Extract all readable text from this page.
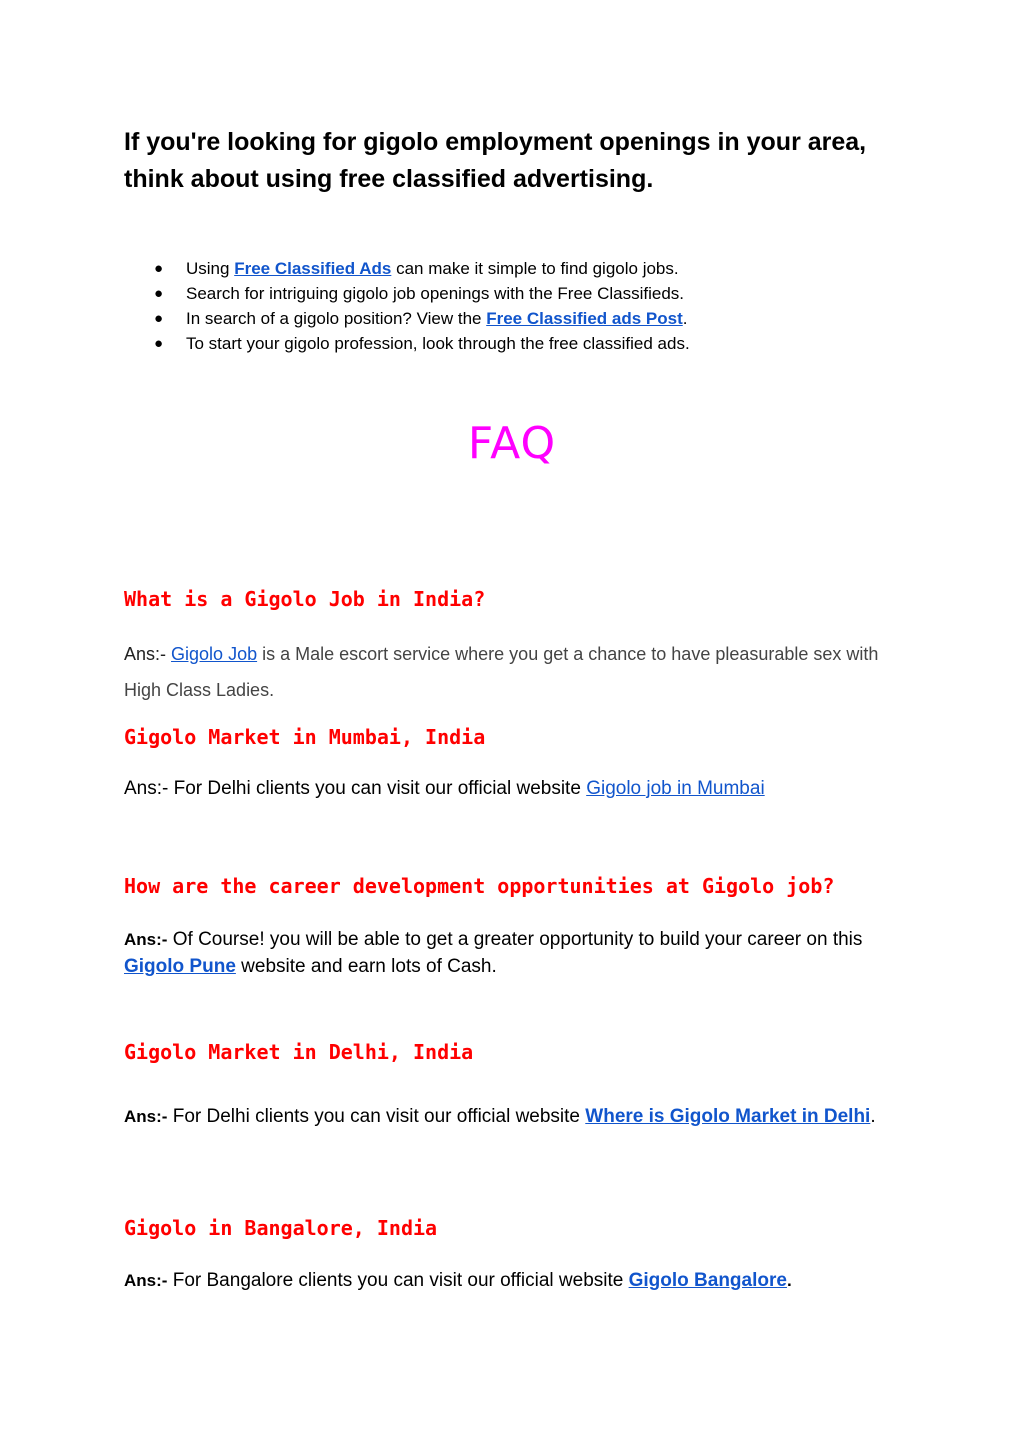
If you're looking for gigolo employment openings in your area, think about using free classified advertising.
● Using Free Classified Ads can make it simple to find gigolo jobs.
● Search for intriguing gigolo job openings with the Free Classifieds.
● In search of a gigolo position? View the Free Classified ads Post.
● To start your gigolo profession, look through the free classified ads.
FAQ
What is a Gigolo Job in India?

Ans:- Gigolo Job is a Male escort service where you get a chance to have pleasurable sex with High Class Ladies.

Gigolo Market in Mumbai, India

Ans:- For Delhi clients you can visit our official website Gigolo job in Mumbai

How are the career development opportunities at Gigolo job?

Ans:- Of Course! you will be able to get a greater opportunity to build your career on this Gigolo Pune website and earn lots of Cash.

Gigolo Market in Delhi, India

Ans:- For Delhi clients you can visit our official website Where is Gigolo Market in Delhi.

Gigolo in Bangalore, India

Ans:- For Bangalore clients you can visit our official website Gigolo Bangalore.
